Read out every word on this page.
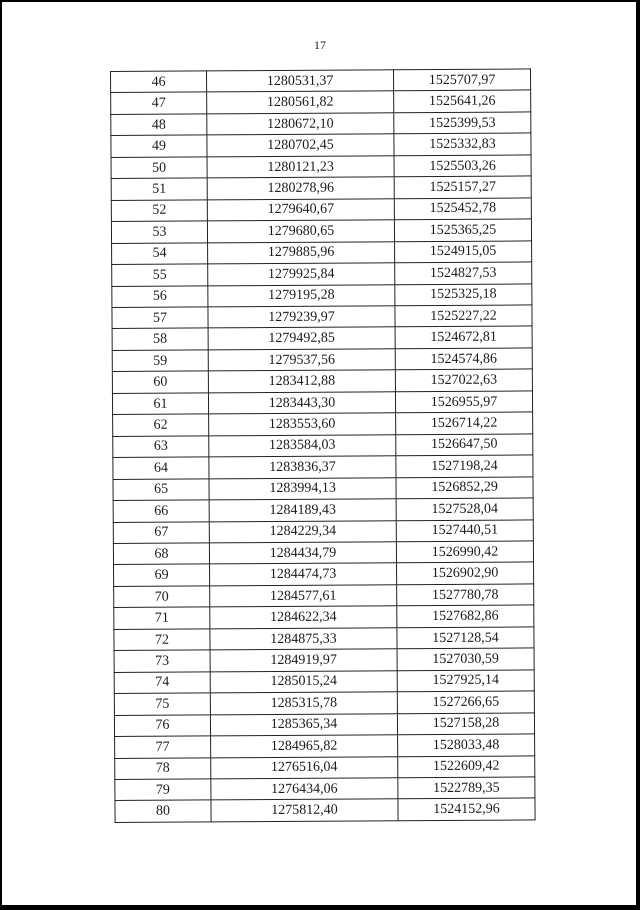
17
46	1280531,37	1525707,97
47	1280561,82	1525641,26
48	1280672,10	1525399,53
49	1280702,45	1525332,83
50	1280121,23	1525503,26
51	1280278,96	1525157,27
52	1279640,67	1525452,78
53	1279680,65	1525365,25
54	1279885,96	1524915,05
55	1279925,84	1524827,53
56	1279195,28	1525325,18
57	1279239,97	1525227,22
58	1279492,85	1524672,81
59	1279537,56	1524574,86
60	1283412,88	1527022,63
61	1283443,30	1526955,97
62	1283553,60	1526714,22
63	1283584,03	1526647,50
64	1283836,37	1527198,24
65	1283994,13	1526852,29
66	1284189,43	1527528,04
67	1284229,34	1527440,51
68	1284434,79	1526990,42
69	1284474,73	1526902,90
70	1284577,61	1527780,78
71	1284622,34	1527682,86
72	1284875,33	1527128,54
73	1284919,97	1527030,59
74	1285015,24	1527925,14
75	1285315,78	1527266,65
76	1285365,34	1527158,28
77	1284965,82	1528033,48
78	1276516,04	1522609,42
79	1276434,06	1522789,35
80	1275812,40	1524152,96
